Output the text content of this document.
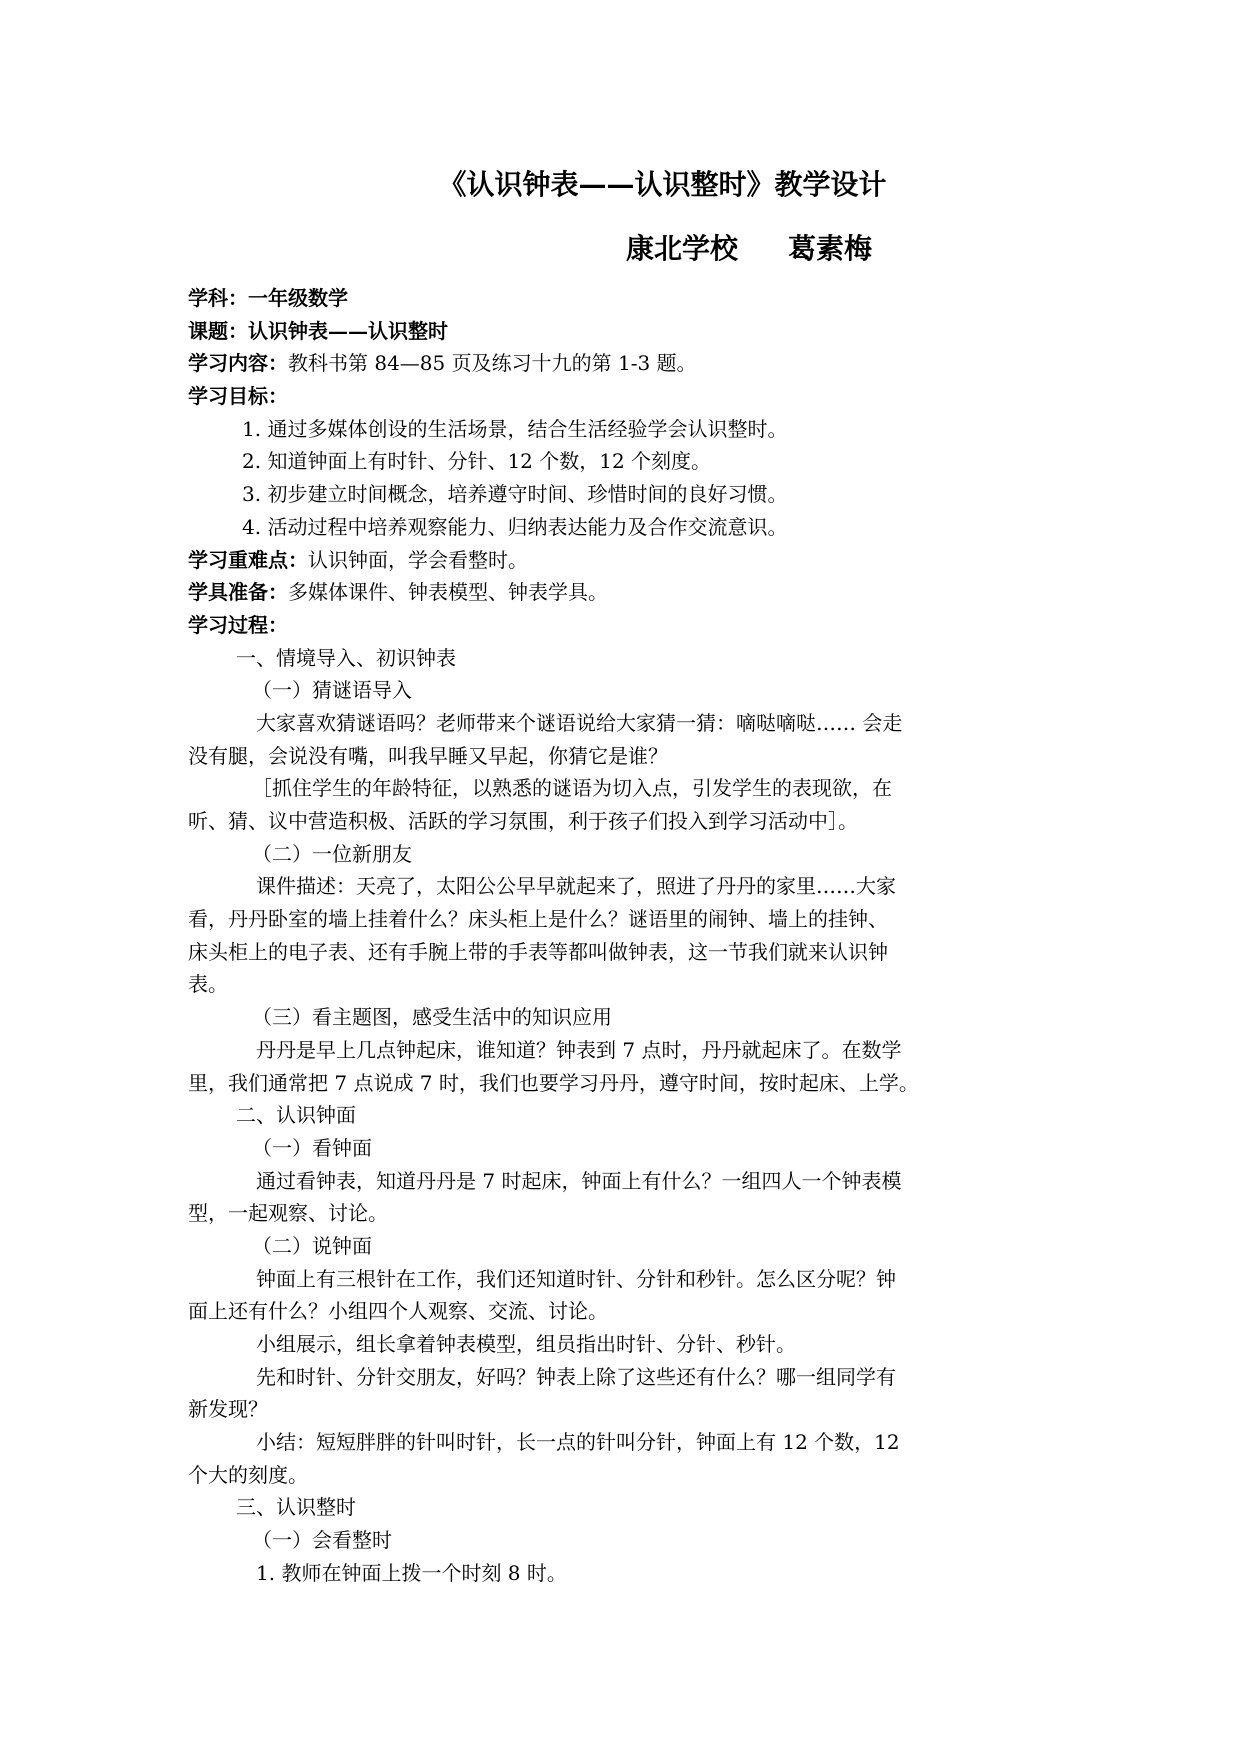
《认识钟表——认识整时》教学设计
康北学校 葛素梅
学科：一年级数学
课题：认识钟表——认识整时
学习内容：教科书第 84—85 页及练习十九的第 1-3 题。
学习目标：
1. 通过多媒体创设的生活场景，结合生活经验学会认识整时。
2. 知道钟面上有时针、分针、12 个数，12 个刻度。
3. 初步建立时间概念，培养遵守时间、珍惜时间的良好习惯。
4. 活动过程中培养观察能力、归纳表达能力及合作交流意识。
学习重难点：认识钟面，学会看整时。
学具准备：多媒体课件、钟表模型、钟表学具。
学习过程：
一、情境导入、初识钟表
（一）猜谜语导入
大家喜欢猜谜语吗？老师带来个谜语说给大家猜一猜：嘀哒嘀哒…… 会走
没有腿，会说没有嘴，叫我早睡又早起，你猜它是谁？
［抓住学生的年龄特征，以熟悉的谜语为切入点，引发学生的表现欲，在
听、猜、议中营造积极、活跃的学习氛围，利于孩子们投入到学习活动中］。
（二）一位新朋友
课件描述：天亮了，太阳公公早早就起来了，照进了丹丹的家里……大家
看，丹丹卧室的墙上挂着什么？床头柜上是什么？谜语里的闹钟、墙上的挂钟、
床头柜上的电子表、还有手腕上带的手表等都叫做钟表，这一节我们就来认识钟
表。
（三）看主题图，感受生活中的知识应用
丹丹是早上几点钟起床，谁知道？钟表到 7 点时，丹丹就起床了。在数学
里，我们通常把 7 点说成 7 时，我们也要学习丹丹，遵守时间，按时起床、上学。
二、认识钟面
（一）看钟面
通过看钟表，知道丹丹是 7 时起床，钟面上有什么？一组四人一个钟表模
型，一起观察、讨论。
（二）说钟面
钟面上有三根针在工作，我们还知道时针、分针和秒针。怎么区分呢？钟
面上还有什么？小组四个人观察、交流、讨论。
小组展示，组长拿着钟表模型，组员指出时针、分针、秒针。
先和时针、分针交朋友，好吗？钟表上除了这些还有什么？哪一组同学有
新发现？
小结：短短胖胖的针叫时针，长一点的针叫分针，钟面上有 12 个数，12
个大的刻度。
三、认识整时
（一）会看整时
1. 教师在钟面上拨一个时刻 8 时。
